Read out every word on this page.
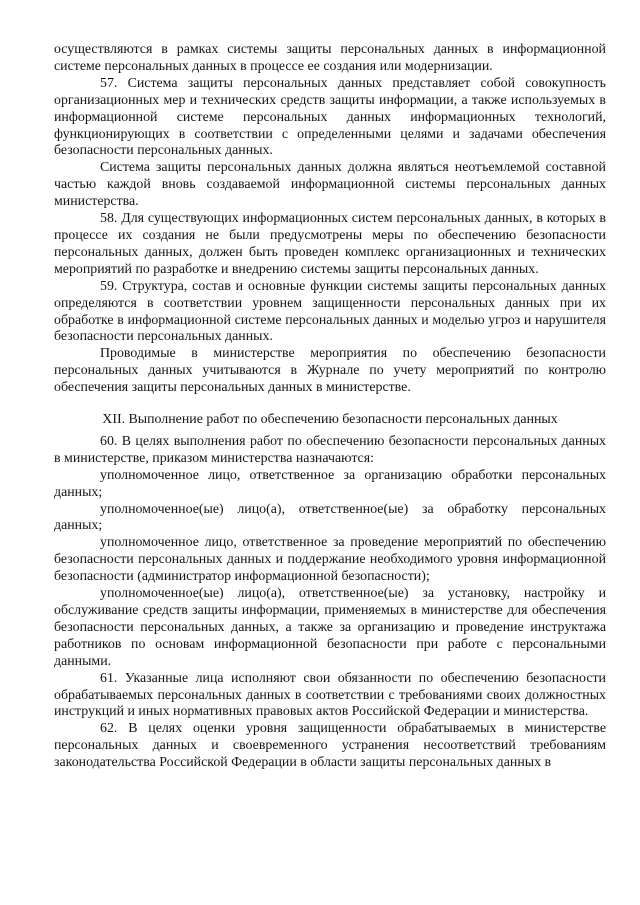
осуществляются в рамках системы защиты персональных данных в информационной системе персональных данных в процессе ее создания или модернизации.

57. Система защиты персональных данных представляет собой совокупность организационных мер и технических средств защиты информации, а также используемых в информационной системе персональных данных информационных технологий, функционирующих в соответствии с определенными целями и задачами обеспечения безопасности персональных данных.

Система защиты персональных данных должна являться неотъемлемой составной частью каждой вновь создаваемой информационной системы персональных данных министерства.

58. Для существующих информационных систем персональных данных, в которых в процессе их создания не были предусмотрены меры по обеспечению безопасности персональных данных, должен быть проведен комплекс организационных и технических мероприятий по разработке и внедрению системы защиты персональных данных.

59. Структура, состав и основные функции системы защиты персональных данных определяются в соответствии уровнем защищенности персональных данных при их обработке в информационной системе персональных данных и моделью угроз и нарушителя безопасности персональных данных.

Проводимые в министерстве мероприятия по обеспечению безопасности персональных данных учитываются в Журнале по учету мероприятий по контролю обеспечения защиты персональных данных в министерстве.

XII. Выполнение работ по обеспечению безопасности персональных данных

60. В целях выполнения работ по обеспечению безопасности персональных данных в министерстве, приказом министерства назначаются:

уполномоченное лицо, ответственное за организацию обработки персональных данных;

уполномоченное(ые) лицо(а), ответственное(ые) за обработку персональных данных;

уполномоченное лицо, ответственное за проведение мероприятий по обеспечению безопасности персональных данных и поддержание необходимого уровня информационной безопасности (администратор информационной безопасности);

уполномоченное(ые) лицо(а), ответственное(ые) за установку, настройку и обслуживание средств защиты информации, применяемых в министерстве для обеспечения безопасности персональных данных, а также за организацию и проведение инструктажа работников по основам информационной безопасности при работе с персональными данными.

61. Указанные лица исполняют свои обязанности по обеспечению безопасности обрабатываемых персональных данных в соответствии с требованиями своих должностных инструкций и иных нормативных правовых актов Российской Федерации и министерства.

62. В целях оценки уровня защищенности обрабатываемых в министерстве персональных данных и своевременного устранения несоответствий требованиям законодательства Российской Федерации в области защиты персональных данных в
